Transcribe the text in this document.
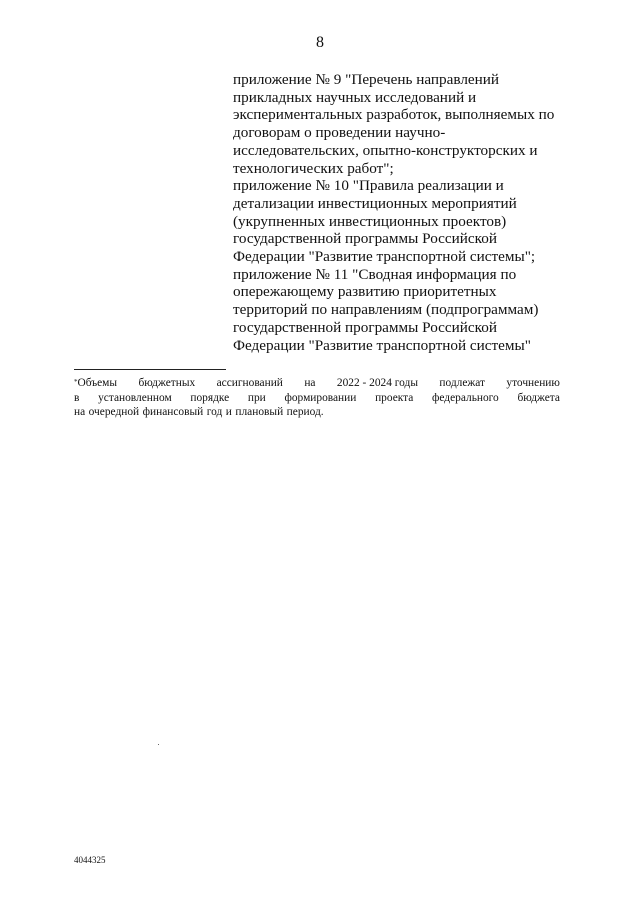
8
приложение № 9 "Перечень направлений
прикладных научных исследований и
экспериментальных разработок, выполняемых по
договорам о проведении научно-
исследовательских, опытно-конструкторских и
технологических работ";
приложение № 10 "Правила реализации и
детализации инвестиционных мероприятий
(укрупненных инвестиционных проектов)
государственной программы Российской
Федерации "Развитие транспортной системы";
приложение № 11 "Сводная информация по
опережающему развитию приоритетных
территорий по направлениям (подпрограммам)
государственной программы Российской
Федерации "Развитие транспортной системы"
*Объемы бюджетных ассигнований на 2022 - 2024 годы подлежат уточнению
в установленном порядке при формировании проекта федерального бюджета
на очередной финансовый год и плановый период.
4044325
